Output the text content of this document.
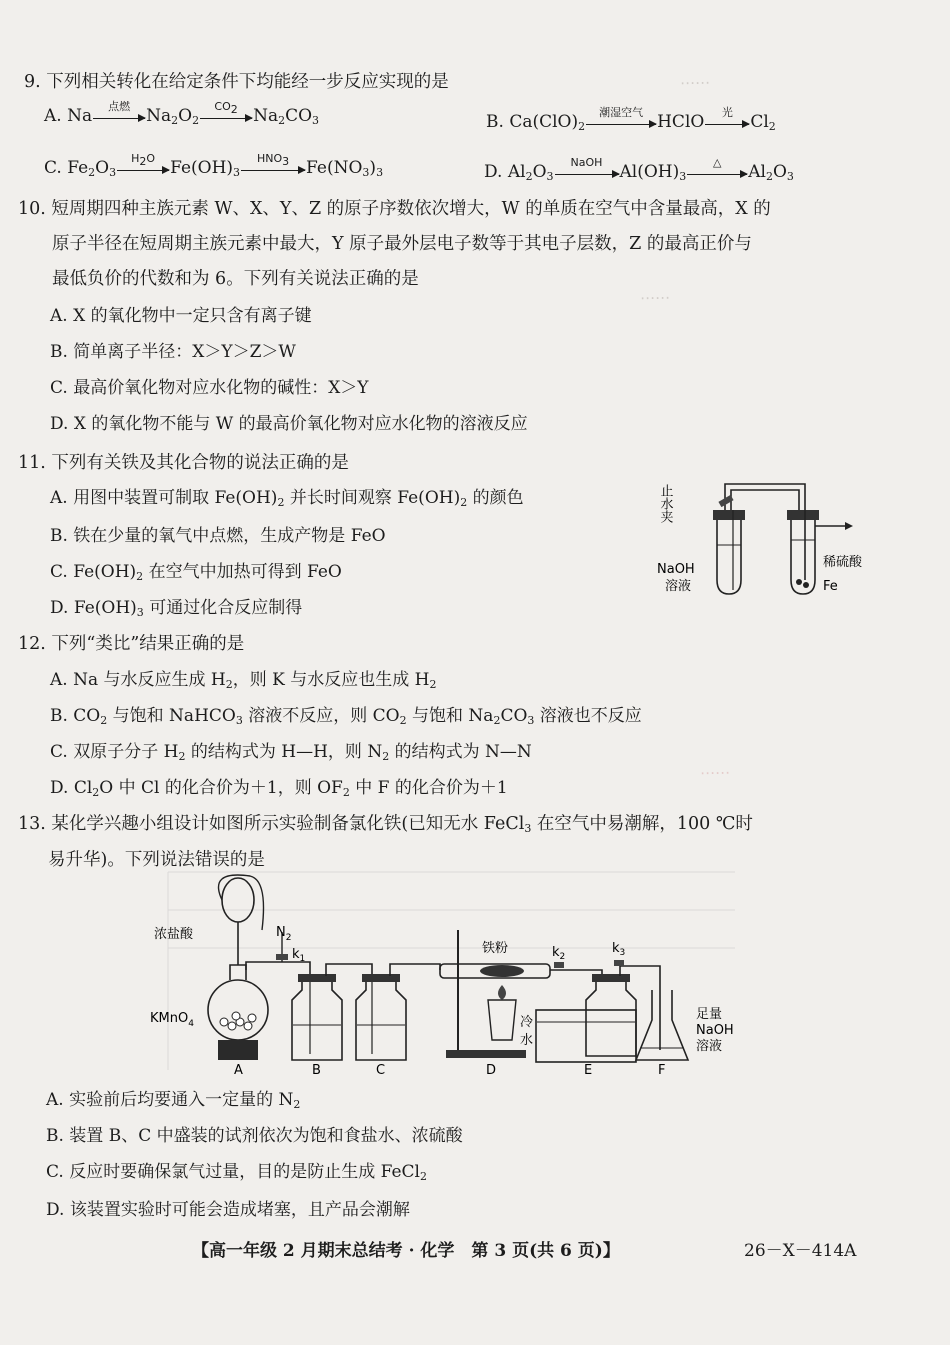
……
……
……
9. 下列相关转化在给定条件下均能经一步反应实现的是
A. Na	点燃 $Na_2O_2$
$CO_2$ $Na_2CO_3$	B. $Ca(ClO)_2$
潮湿空气 HClO	光	$Cl_2$
C. $Fe_2O_3$
$H_2O$ $Fe(OH)_3$
$HNO_3$ $Fe(NO_3)_3$	D. $Al_2O_3$
NaOH	$Al(OH)_3$
△	$Al_2O_3$
10. 短周期四种主族元素 W、X、Y、Z 的原子序数依次增大，W 的单质在空气中含量最高，X 的
原子半径在短周期主族元素中最大，Y 原子最外层电子数等于其电子层数，Z 的最高正价与
最低负价的代数和为 6。下列有关说法正确的是
A. X 的氧化物中一定只含有离子键
B. 简单离子半径：X＞Y＞Z＞W
C. 最高价氧化物对应水化物的碱性：X＞Y
D. X 的氧化物不能与 W 的最高价氧化物对应水化物的溶液反应
11. 下列有关铁及其化合物的说法正确的是
A. 用图中装置可制取 $Fe(OH)_2$ 并长时间观察 $Fe(OH)_2$ 的颜色
B. 铁在少量的氧气中点燃，生成产物是 FeO
C. $Fe(OH)_2$ 在空气中加热可得到 FeO
D. $Fe(OH)_3$ 可通过化合反应制得
止水夹
NaOH
溶液
稀硫酸
Fe
12. 下列“类比”结果正确的是
A. Na 与水反应生成 $H_2$，则 K 与水反应也生成 $H_2$
B. $CO_2$ 与饱和 NaHCO$_3$ 溶液不反应，则 $CO_2$ 与饱和 $Na_2CO_3$ 溶液也不反应
C. 双原子分子 $H_2$ 的结构式为 H—H，则 $N_2$ 的结构式为 N—N
D. $Cl_2O$ 中 Cl 的化合价为＋1，则 $OF_2$ 中 F 的化合价为＋1
13. 某化学兴趣小组设计如图所示实验制备氯化铁(已知无水 FeCl$_3$ 在空气中易潮解，100 ℃时
易升华)。下列说法错误的是
浓盐酸
KMnO$_4$
A
$N_2$
$k_1$
B	C
铁粉
D
$k_2$
冷
水
E
$k_3$
足量
NaOH
溶液
F
A. 实验前后均要通入一定量的 $N_2$
B. 装置 B、C 中盛装的试剂依次为饱和食盐水、浓硫酸
C. 反应时要确保氯气过量，目的是防止生成 FeCl$_2$
D. 该装置实验时可能会造成堵塞，且产品会潮解
【高一年级 2 月期末总结考 · 化学　第 3 页(共 6 页)】	26－X－414A
